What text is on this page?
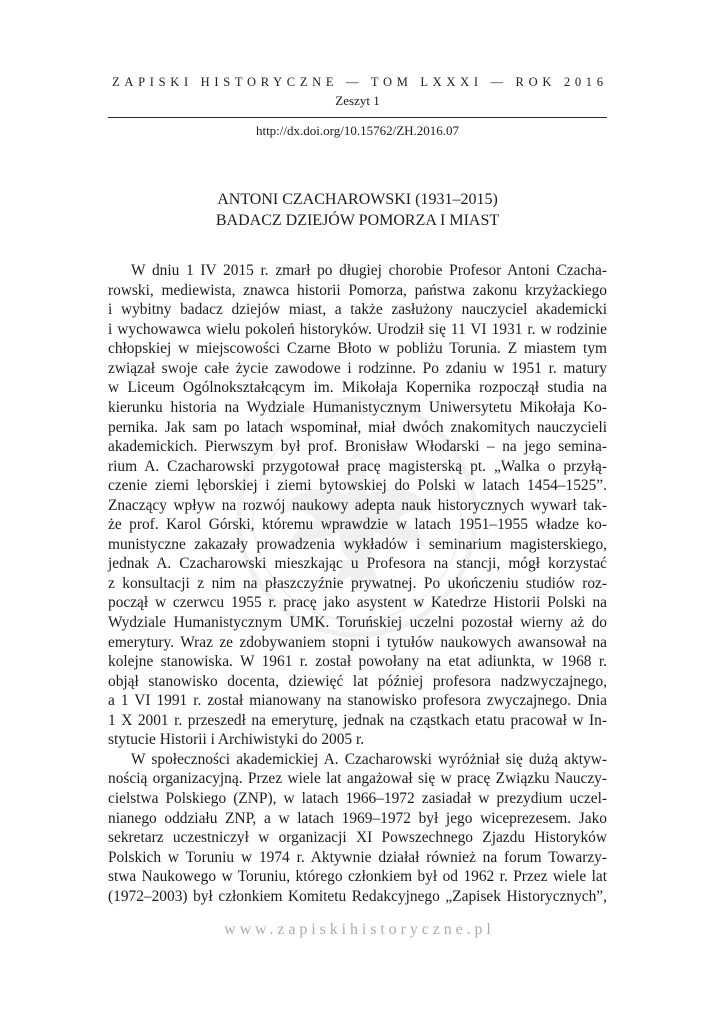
ZAPISKI HISTORYCZNE — TOM LXXXI — ROK 2016
Zeszyt 1
http://dx.doi.org/10.15762/ZH.2016.07
ANTONI CZACHAROWSKI (1931–2015)
BADACZ DZIEJÓW POMORZA I MIAST
W dniu 1 IV 2015 r. zmarł po długiej chorobie Profesor Antoni Czacha-
rowski, mediewista, znawca historii Pomorza, państwa zakonu krzyżackiego
i wybitny badacz dziejów miast, a także zasłużony nauczyciel akademicki
i wychowawca wielu pokoleń historyków. Urodził się 11 VI 1931 r. w rodzinie
chłopskiej w miejscowości Czarne Błoto w pobliżu Torunia. Z miastem tym
związał swoje całe życie zawodowe i rodzinne. Po zdaniu w 1951 r. matury
w Liceum Ogólnokształcącym im. Mikołaja Kopernika rozpoczął studia na
kierunku historia na Wydziale Humanistycznym Uniwersytetu Mikołaja Ko-
pernika. Jak sam po latach wspominał, miał dwóch znakomitych nauczycieli
akademickich. Pierwszym był prof. Bronisław Włodarski – na jego semina-
rium A. Czacharowski przygotował pracę magisterską pt. „Walka o przyłą-
czenie ziemi lęborskiej i ziemi bytowskiej do Polski w latach 1454–1525”.
Znaczący wpływ na rozwój naukowy adepta nauk historycznych wywarł tak-
że prof. Karol Górski, któremu wprawdzie w latach 1951–1955 władze ko-
munistyczne zakazały prowadzenia wykładów i seminarium magisterskiego,
jednak A. Czacharowski mieszkając u Profesora na stancji, mógł korzystać
z konsultacji z nim na płaszczyźnie prywatnej. Po ukończeniu studiów roz-
począł w czerwcu 1955 r. pracę jako asystent w Katedrze Historii Polski na
Wydziale Humanistycznym UMK. Toruńskiej uczelni pozostał wierny aż do
emerytury. Wraz ze zdobywaniem stopni i tytułów naukowych awansował na
kolejne stanowiska. W 1961 r. został powołany na etat adiunkta, w 1968 r.
objął stanowisko docenta, dziewięć lat później profesora nadzwyczajnego,
a 1 VI 1991 r. został mianowany na stanowisko profesora zwyczajnego. Dnia
1 X 2001 r. przeszedł na emeryturę, jednak na cząstkach etatu pracował w In-
stytucie Historii i Archiwistyki do 2005 r.
W społeczności akademickiej A. Czacharowski wyróżniał się dużą aktyw-
nością organizacyjną. Przez wiele lat angażował się w pracę Związku Nauczy-
cielstwa Polskiego (ZNP), w latach 1966–1972 zasiadał w prezydium uczel-
nianego oddziału ZNP, a w latach 1969–1972 był jego wiceprezesem. Jako
sekretarz uczestniczył w organizacji XI Powszechnego Zjazdu Historyków
Polskich w Toruniu w 1974 r. Aktywnie działał również na forum Towarzy-
stwa Naukowego w Toruniu, którego członkiem był od 1962 r. Przez wiele lat
(1972–2003) był członkiem Komitetu Redakcyjnego „Zapisek Historycznych”,
www.zapiskihistoryczne.pl
